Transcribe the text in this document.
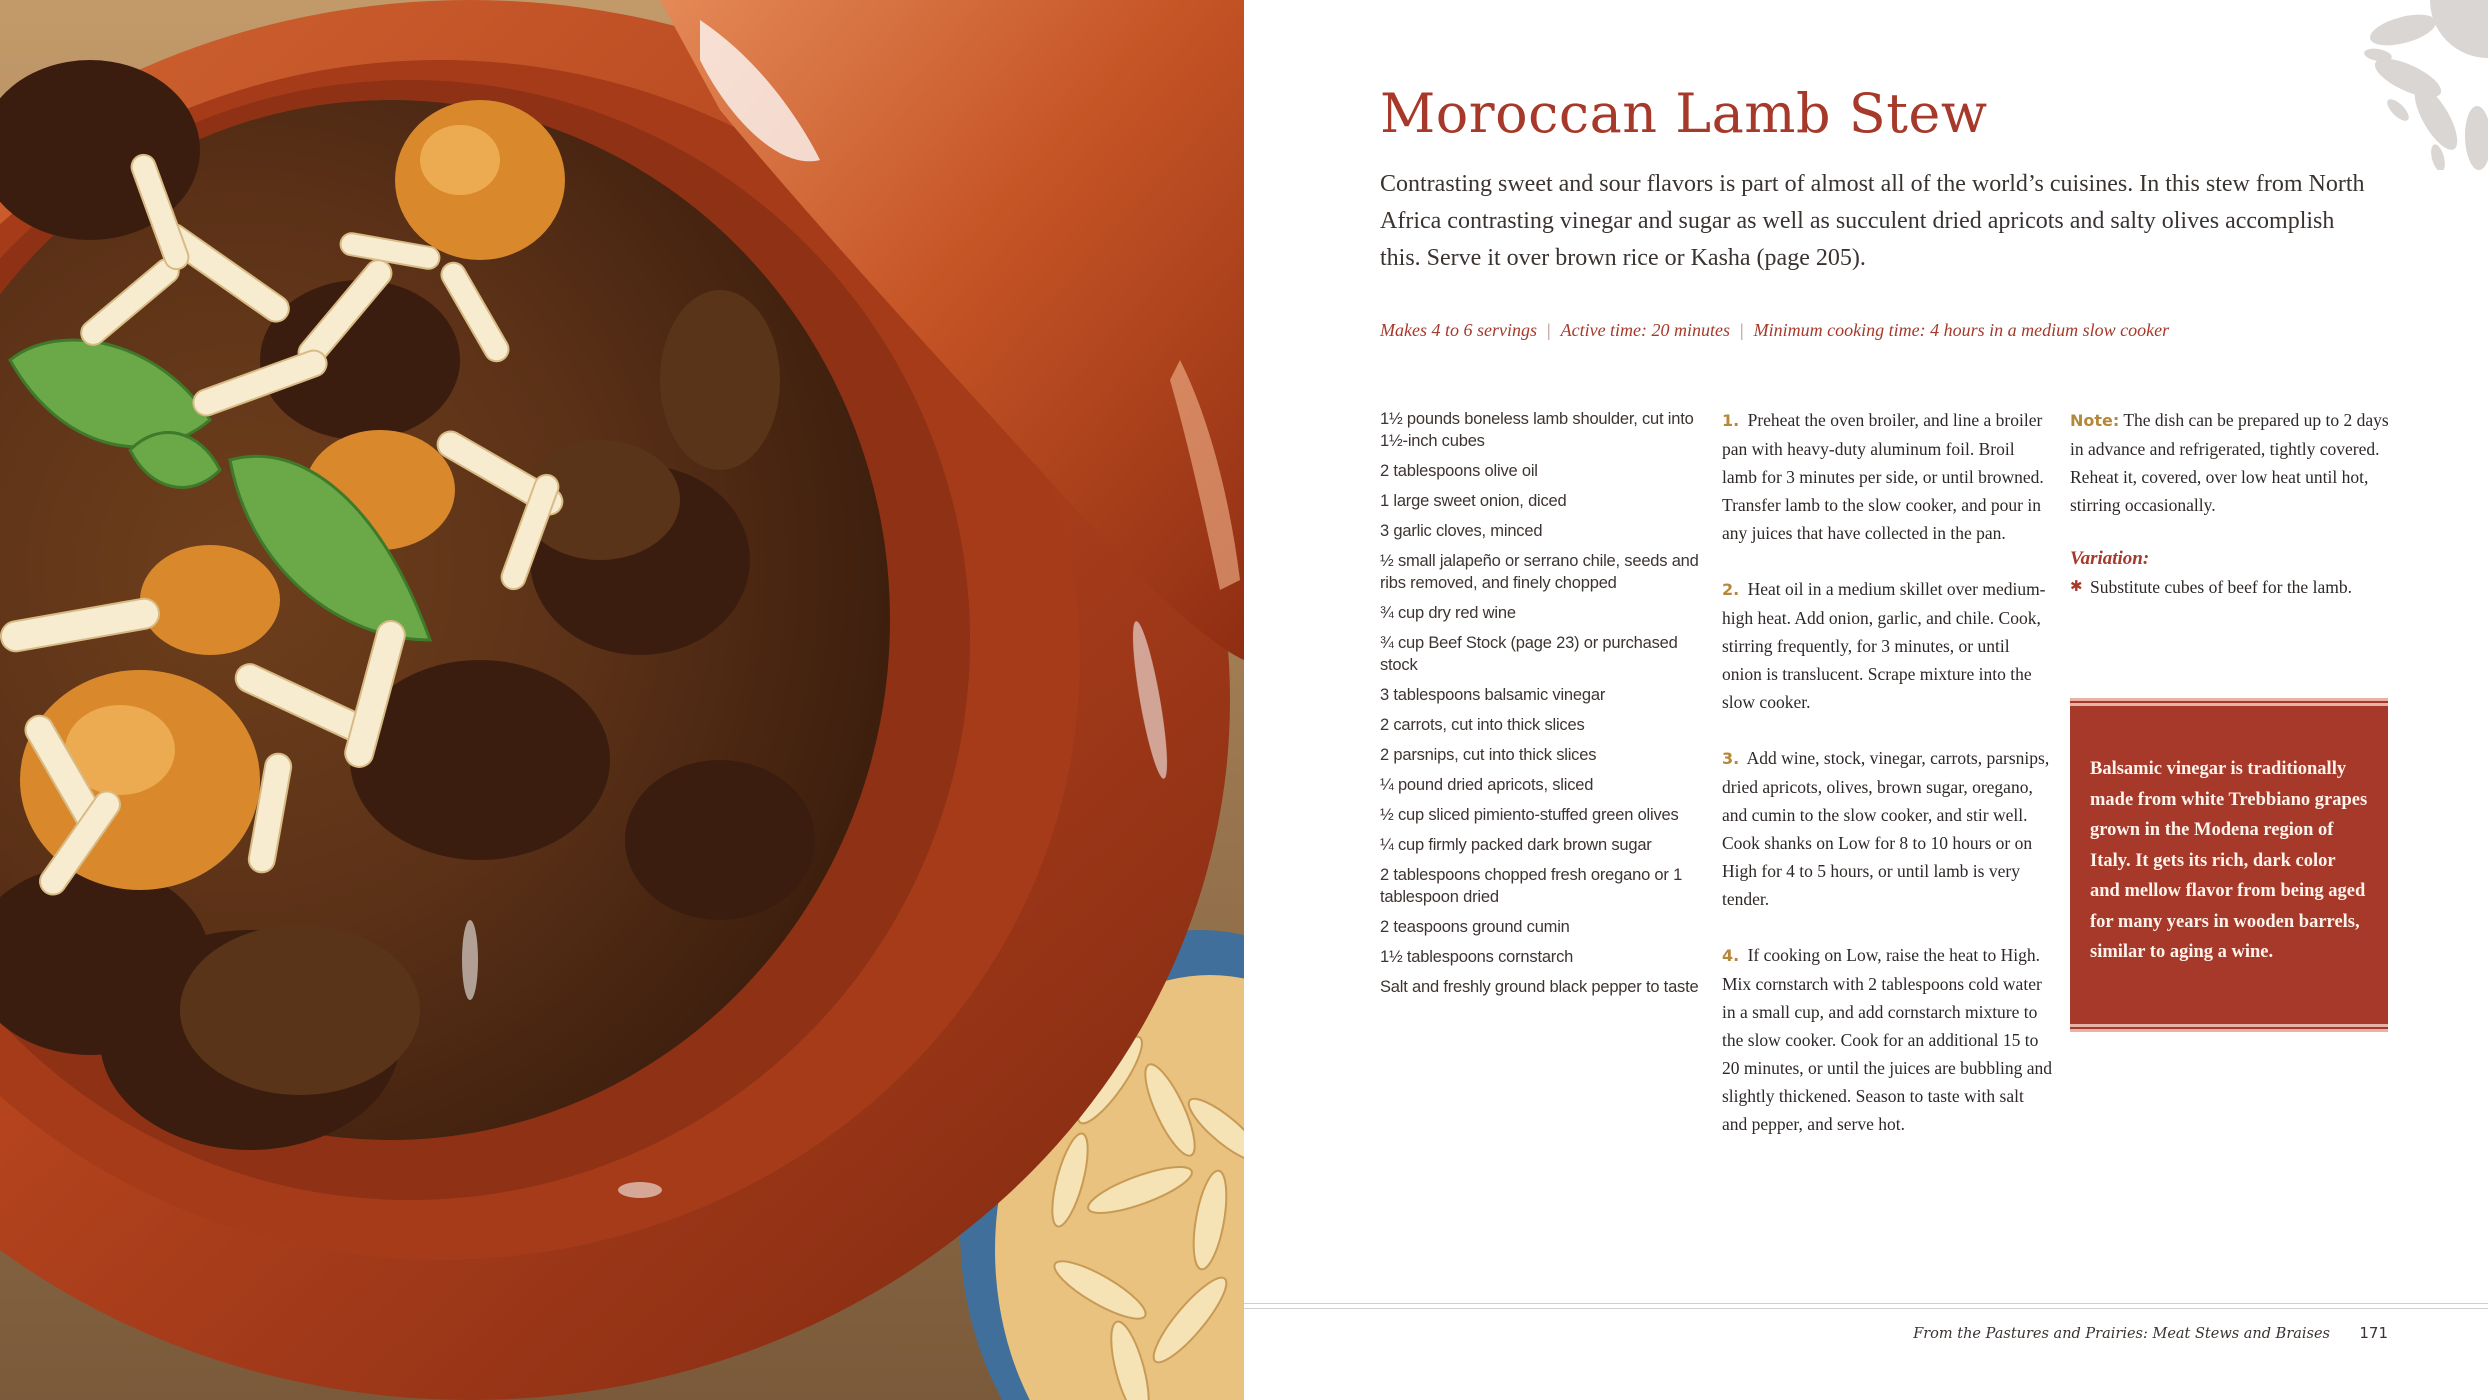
Moroccan Lamb Stew

Contrasting sweet and sour flavors is part of almost all of the world’s cuisines. In this stew from North Africa contrasting vinegar and sugar as well as succulent dried apricots and salty olives accomplish this. Serve it over brown rice or Kasha (page 205).

Makes 4 to 6 servings | Active time: 20 minutes | Minimum cooking time: 4 hours in a medium slow cooker
1½ pounds boneless lamb shoulder, cut into 1½-inch cubes
2 tablespoons olive oil
1 large sweet onion, diced
3 garlic cloves, minced
½ small jalapeño or serrano chile, seeds and ribs removed, and finely chopped
¾ cup dry red wine
¾ cup Beef Stock (page 23) or purchased stock
3 tablespoons balsamic vinegar
2 carrots, cut into thick slices
2 parsnips, cut into thick slices
¼ pound dried apricots, sliced
½ cup sliced pimiento-stuffed green olives
¼ cup firmly packed dark brown sugar
2 tablespoons chopped fresh oregano or 1 tablespoon dried
2 teaspoons ground cumin
1½ tablespoons cornstarch
Salt and freshly ground black pepper to taste
1. Preheat the oven broiler, and line a broiler pan with heavy-duty aluminum foil. Broil lamb for 3 minutes per side, or until browned. Transfer lamb to the slow cooker, and pour in any juices that have collected in the pan.
2. Heat oil in a medium skillet over medium-high heat. Add onion, garlic, and chile. Cook, stirring frequently, for 3 minutes, or until onion is translucent. Scrape mixture into the slow cooker.
3. Add wine, stock, vinegar, carrots, parsnips, dried apricots, olives, brown sugar, oregano, and cumin to the slow cooker, and stir well. Cook shanks on Low for 8 to 10 hours or on High for 4 to 5 hours, or until lamb is very tender.
4. If cooking on Low, raise the heat to High. Mix cornstarch with 2 tablespoons cold water in a small cup, and add cornstarch mixture to the slow cooker. Cook for an additional 15 to 20 minutes, or until the juices are bubbling and slightly thickened. Season to taste with salt and pepper, and serve hot.
Note: The dish can be prepared up to 2 days in advance and refrigerated, tightly covered. Reheat it, covered, over low heat until hot, stirring occasionally.
Variation:
✱ Substitute cubes of beef for the lamb.

Balsamic vinegar is traditionally made from white Trebbiano grapes grown in the Modena region of Italy. It gets its rich, dark color and mellow flavor from being aged for many years in wooden barrels, similar to aging a wine.

From the Pastures and Prairies: Meat Stews and Braises 171
